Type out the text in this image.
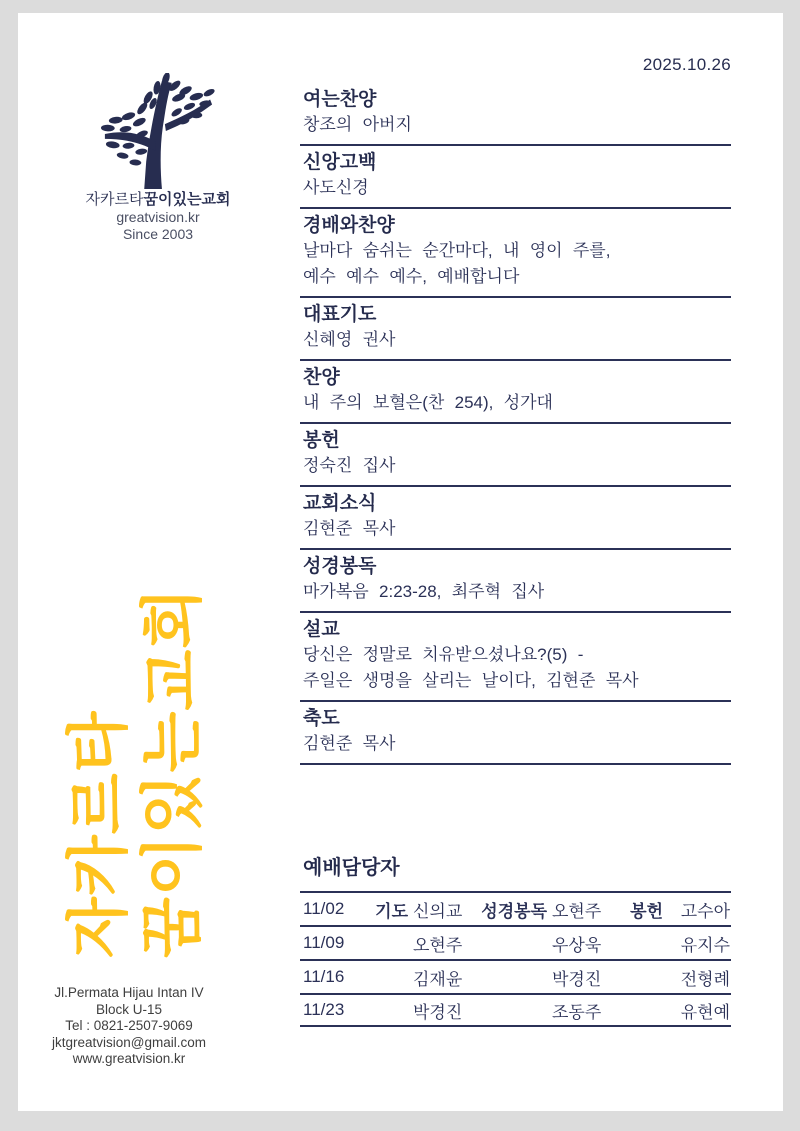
2025.10.26
자카르타꿈이있는교회
greatvision.kr
Since 2003
자카르타 꿈이있는교회
Jl.Permata Hijau Intan IV
Block U-15
Tel : 0821-2507-9069
jktgreatvision@gmail.com
www.greatvision.kr
여는찬양
창조의 아버지
신앙고백
사도신경
경배와찬양
날마다 숨쉬는 순간마다, 내 영이 주를,
예수 예수 예수, 예배합니다
대표기도
신혜영 권사
찬양
내 주의 보혈은(찬 254), 성가대
봉헌
정숙진 집사
교회소식
김현준 목사
성경봉독
마가복음 2:23-28, 최주혁 집사
설교
당신은 정말로 치유받으셨나요?(5) -
주일은 생명을 살리는 날이다, 김현준 목사
축도
김현준 목사
예배담당자
11/02	기도 신의교	성경봉독 오현주	봉헌	고수아
11/09	오현주	우상욱	유지수
11/16	김재윤	박경진	전형례
11/23	박경진	조동주	유현예
